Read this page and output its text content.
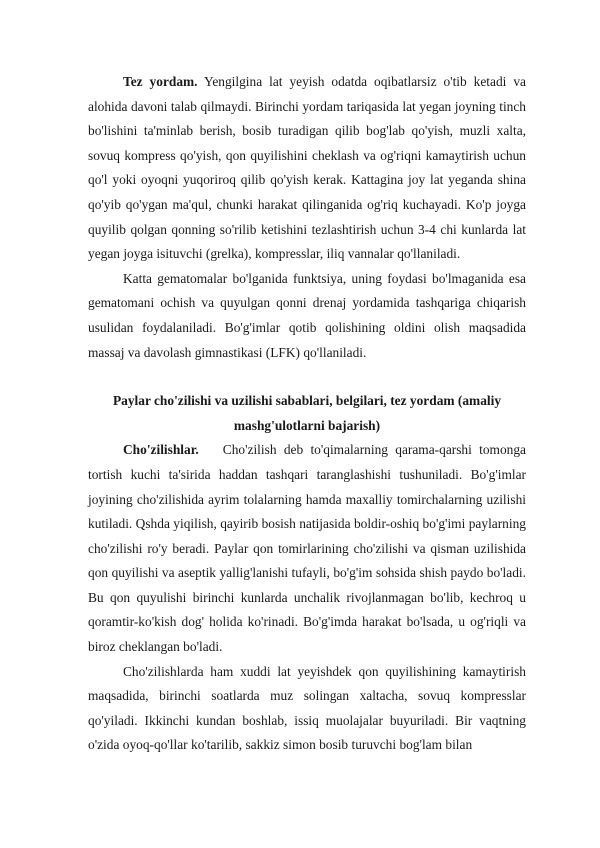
Tez yordam. Yengilgina lat yeyish odatda oqibatlarsiz o'tib ketadi va alohida davoni talab qilmaydi. Birinchi yordam tariqasida lat yegan joyning tinch bo'lishini ta'minlab berish, bosib turadigan qilib bog'lab qo'yish, muzli xalta, sovuq kompress qo'yish, qon quyilishini cheklash va og'riqni kamaytirish uchun qo'l yoki oyoqni yuqoriroq qilib qo'yish kerak. Kattagina joy lat yeganda shina qo'yib qo'ygan ma'qul, chunki harakat qilinganida og'riq kuchayadi. Ko'p joyga quyilib qolgan qonning so'rilib ketishini tezlashtirish uchun 3-4 chi kunlarda lat yegan joyga isituvchi (grelka), kompresslar, iliq vannalar qo'llaniladi.

Katta gematomalar bo'lganida funktsiya, uning foydasi bo'lmaganida esa gematomani ochish va quyulgan qonni drenaj yordamida tashqariga chiqarish usulidan foydalaniladi. Bo'g'imlar qotib qolishining oldini olish maqsadida massaj va davolash gimnastikasi (LFK) qo'llaniladi.

Paylar cho'zilishi va uzilishi sabablari, belgilari, tez yordam (amaliy mashg'ulotlarni bajarish)

Cho'zilishlar. Cho'zilish deb to'qimalarning qarama-qarshi tomonga tortish kuchi ta'sirida haddan tashqari taranglashishi tushuniladi. Bo'g'imlar joyining cho'zilishida ayrim tolalarning hamda maxalliy tomirchalarning uzilishi kutiladi. Qshda yiqilish, qayirib bosish natijasida boldir-oshiq bo'g'imi paylarning cho'zilishi ro'y beradi. Paylar qon tomirlarining cho'zilishi va qisman uzilishida qon quyilishi va aseptik yallig'lanishi tufayli, bo'g'im sohsida shish paydo bo'ladi. Bu qon quyulishi birinchi kunlarda unchalik rivojlanmagan bo'lib, kechroq u qoramtir-ko'kish dog' holida ko'rinadi. Bo'g'imda harakat bo'lsada, u og'riqli va biroz cheklangan bo'ladi.

Cho'zilishlarda ham xuddi lat yeyishdek qon quyilishining kamaytirish maqsadida, birinchi soatlarda muz solingan xaltacha, sovuq kompresslar qo'yiladi. Ikkinchi kundan boshlab, issiq muolajalar buyuriladi. Bir vaqtning o'zida oyoq-qo'llar ko'tarilib, sakkiz simon bosib turuvchi bog'lam bilan
